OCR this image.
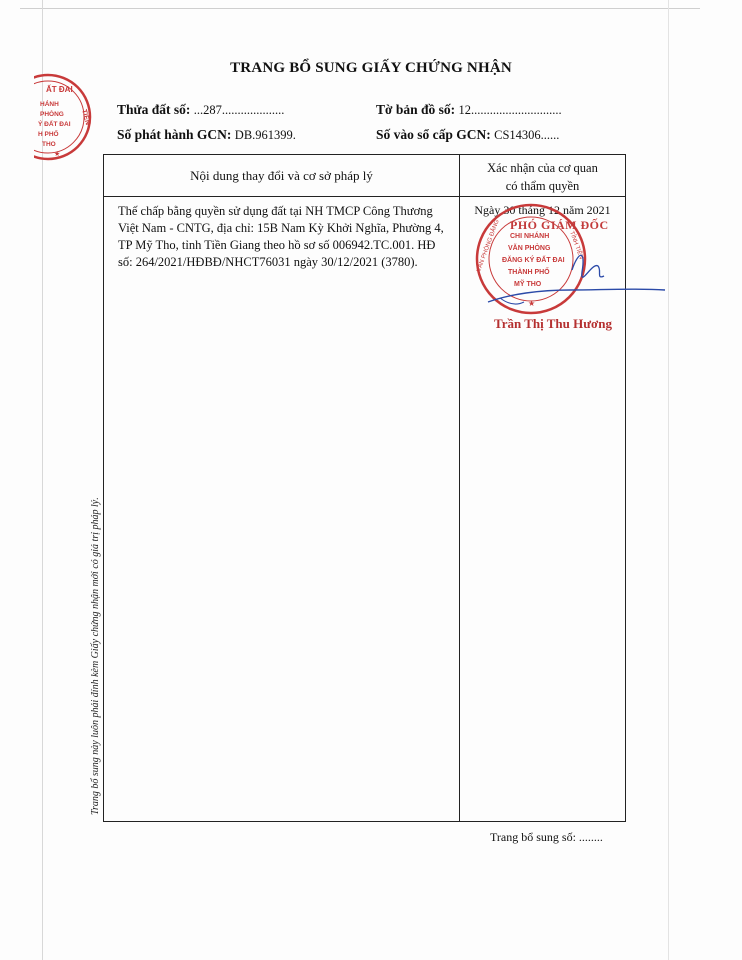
TRANG BỔ SUNG GIẤY CHỨNG NHẬN
Thửa đất số: ...287....................	Tờ bản đồ số: 12.............................
Số phát hành GCN: DB.961399.	Số vào sổ cấp GCN: CS14306......
Nội dung thay đổi và cơ sở pháp lý	Xác nhận của cơ quan
có thẩm quyền
Thế chấp bằng quyền sử dụng đất tại NH TMCP Công Thương Việt Nam - CNTG, địa chỉ: 15B Nam Kỳ Khởi Nghĩa, Phường 4, TP Mỹ Tho, tỉnh Tiền Giang theo hồ sơ số 006942.TC.001. HĐ số: 264/2021/HĐBĐ/NHCT76031 ngày 30/12/2021 (3780).
Ngày 30 tháng 12 năm 2021
ẤT ĐAI
HÁNH
PHÒNG
Ý ĐẤT ĐAI
H PHỐ
THO
TIỀN
★
CHI NHÁNH
VĂN PHÒNG
ĐĂNG KÝ ĐẤT ĐAI
THÀNH PHỐ
MỸ THO
★
VĂN PHÒNG ĐĂNG	TỈNH TIỀN
PHÓ GIÁM ĐỐC
Trần Thị Thu Hương
Trang bổ sung này luôn phải đính kèm Giấy chứng nhận mới có giá trị pháp lý.
Trang bổ sung số: ........
